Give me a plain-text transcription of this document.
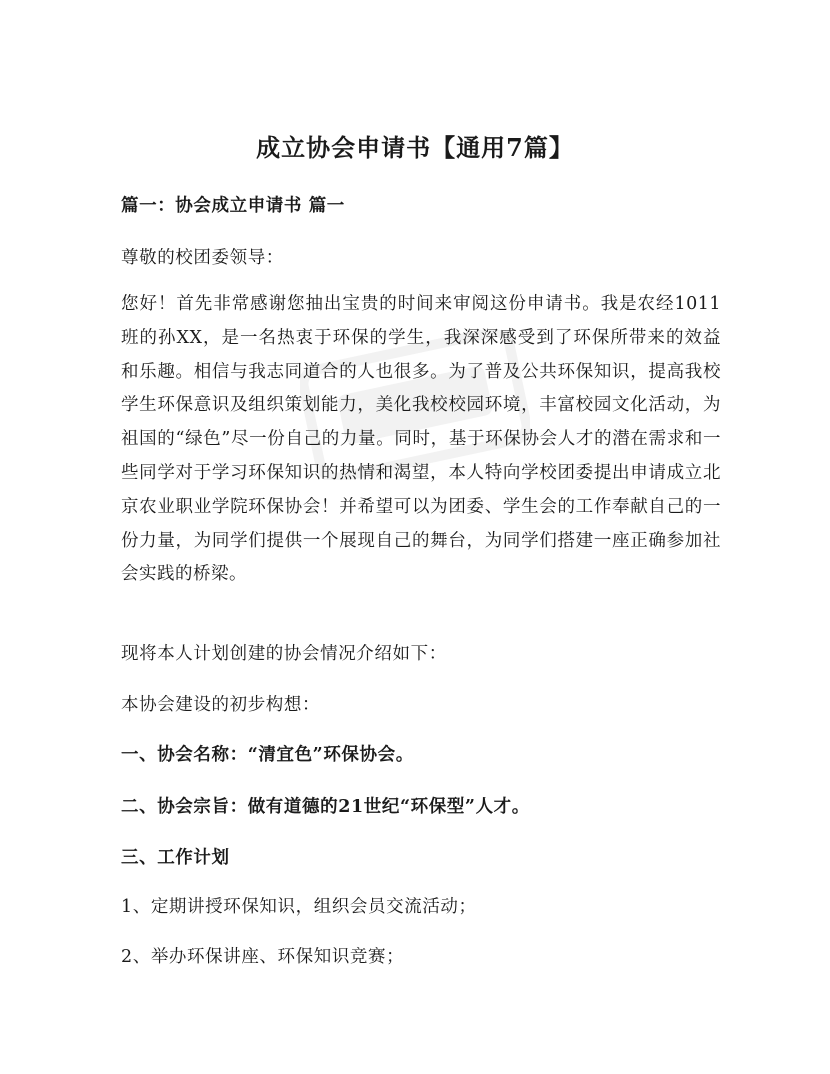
成立协会申请书【通用7篇】
篇一：协会成立申请书 篇一
尊敬的校团委领导：
您好！首先非常感谢您抽出宝贵的时间来审阅这份申请书。我是农经1011班的孙XX，是一名热衷于环保的学生，我深深感受到了环保所带来的效益和乐趣。相信与我志同道合的人也很多。为了普及公共环保知识，提高我校学生环保意识及组织策划能力，美化我校校园环境，丰富校园文化活动，为祖国的“绿色”尽一份自己的力量。同时，基于环保协会人才的潜在需求和一些同学对于学习环保知识的热情和渴望，本人特向学校团委提出申请成立北京农业职业学院环保协会！并希望可以为团委、学生会的工作奉献自己的一份力量，为同学们提供一个展现自己的舞台，为同学们搭建一座正确参加社会实践的桥梁。
现将本人计划创建的协会情况介绍如下：
本协会建设的初步构想：
一、协会名称：“清宜色”环保协会。
二、协会宗旨：做有道德的21世纪“环保型”人才。
三、工作计划
1、定期讲授环保知识，组织会员交流活动；
2、举办环保讲座、环保知识竞赛；
